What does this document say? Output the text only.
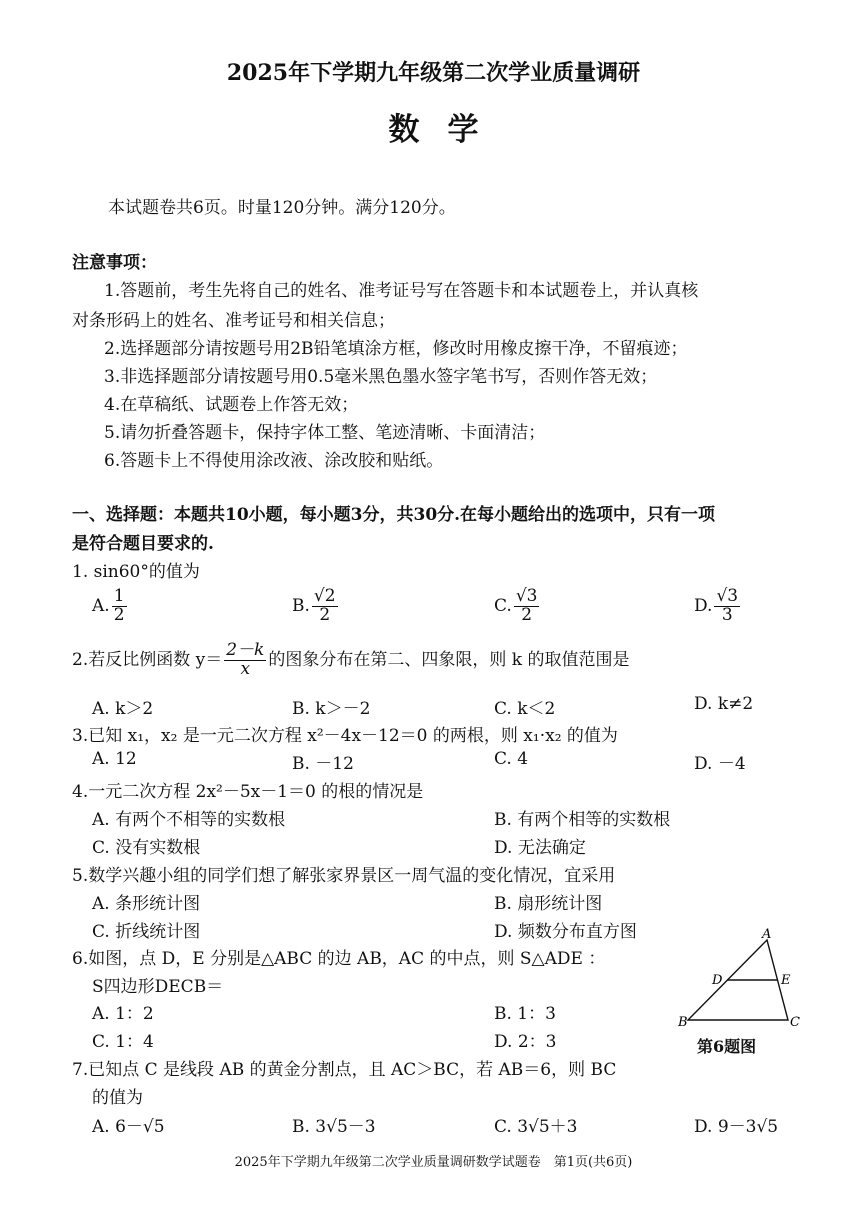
2025年下学期九年级第二次学业质量调研
数学
本试题卷共6页。时量120分钟。满分120分。
注意事项：
1.答题前，考生先将自己的姓名、准考证号写在答题卡和本试题卷上，并认真核
对条形码上的姓名、准考证号和相关信息；
2.选择题部分请按题号用2B铅笔填涂方框，修改时用橡皮擦干净，不留痕迹；
3.非选择题部分请按题号用0.5毫米黑色墨水签字笔书写，否则作答无效；
4.在草稿纸、试题卷上作答无效；
5.请勿折叠答题卡，保持字体工整、笔迹清晰、卡面清洁；
6.答题卡上不得使用涂改液、涂改胶和贴纸。
一、选择题：本题共10小题，每小题3分，共30分.在每小题给出的选项中，只有一项
是符合题目要求的.
1. sin60°的值为
A. $\frac{1}{2}$	B. $\frac{√2}{2}$	C. $\frac{√3}{2}$	D. $\frac{√3}{3}$
2.若反比例函数 $y= \frac{2-k}{x}$ 的图象分布在第二、四象限，则 k 的取值范围是
A. k＞2	B. k＞－2	C. k＜2	D. k≠2
3.已知 x₁，x₂ 是一元二次方程 x²－4x－12＝0 的两根，则 x₁·x₂ 的值为
A. 12	B. －12	C. 4	D. －4
4.一元二次方程 2x²－5x－1＝0 的根的情况是
A. 有两个不相等的实数根	B. 有两个相等的实数根
C. 没有实数根	D. 无法确定
5.数学兴趣小组的同学们想了解张家界景区一周气温的变化情况，宜采用
A. 条形统计图	B. 扇形统计图
C. 折线统计图	D. 频数分布直方图
6.如图，点 D，E 分别是△ABC 的边 AB，AC 的中点，则 S△ADE ：
S四边形DECB＝
A. 1：2	B. 1：3
C. 1：4	D. 2：3
A
D	E
B	C
第6题图
7.已知点 C 是线段 AB 的黄金分割点，且 AC＞BC，若 AB＝6，则 BC
的值为
A. 6－√5	B. 3√5－3	C. 3√5＋3	D. 9－3√5
2025年下学期九年级第二次学业质量调研数学试题卷　第1页(共6页)
